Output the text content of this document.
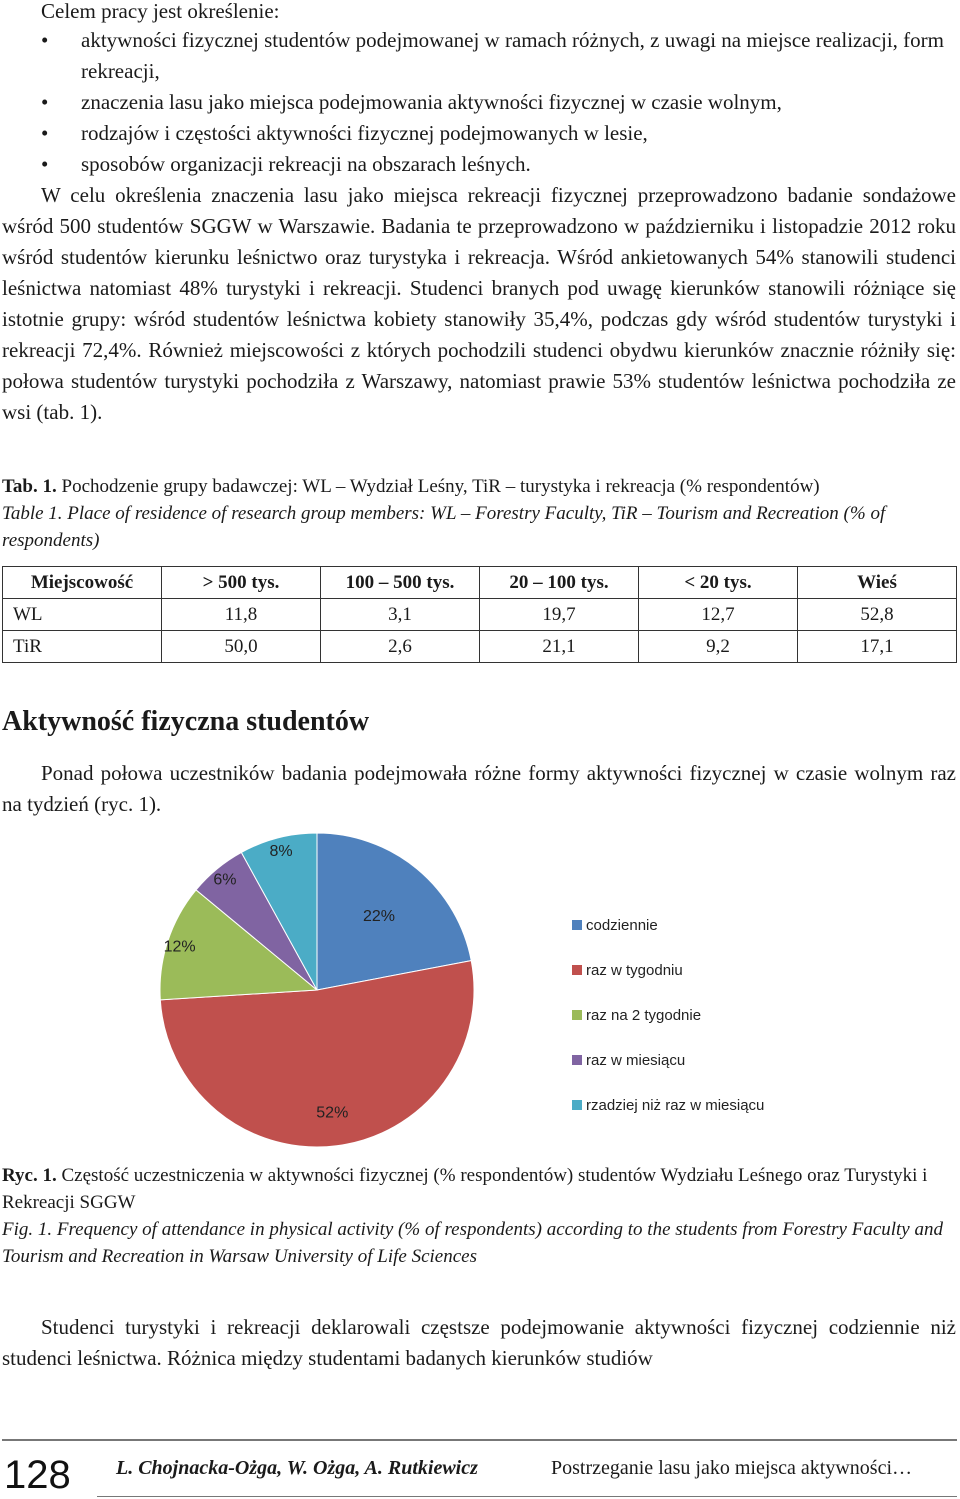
Celem pracy jest określenie:

• aktywności fizycznej studentów podejmowanej w ramach różnych, z uwagi na miejsce realizacji, form rekreacji,
• znaczenia lasu jako miejsca podejmowania aktywności fizycznej w czasie wolnym,
• rodzajów i częstości aktywności fizycznej podejmowanych w lesie,
• sposobów organizacji rekreacji na obszarach leśnych.

W celu określenia znaczenia lasu jako miejsca rekreacji fizycznej przeprowadzono badanie sondażowe wśród 500 studentów SGGW w Warszawie. Badania te przeprowadzono w październiku i listopadzie 2012 roku wśród studentów kierunku leśnictwo oraz turystyka i rekreacja. Wśród ankietowanych 54% stanowili studenci leśnictwa natomiast 48% turystyki i rekreacji. Studenci branych pod uwagę kierunków stanowili różniące się istotnie grupy: wśród studentów leśnictwa kobiety stanowiły 35,4%, podczas gdy wśród studentów turystyki i rekreacji 72,4%. Również miejscowości z których pochodzili studenci obydwu kierunków znacznie różniły się: połowa studentów turystyki pochodziła z Warszawy, natomiast prawie 53% studentów leśnictwa pochodziła ze wsi (tab. 1).

Tab. 1. Pochodzenie grupy badawczej: WL – Wydział Leśny, TiR – turystyka i rekreacja (% respondentów)
Table 1. Place of residence of research group members: WL – Forestry Faculty, TiR – Tourism and Recreation (% of respondents)
Miejscowość	> 500 tys.	100 – 500 tys.	20 – 100 tys.	< 20 tys.	Wieś
WL	11,8	3,1	19,7	12,7	52,8
TiR	50,0	2,6	21,1	9,2	17,1
Aktywność fizyczna studentów

Ponad połowa uczestników badania podejmowała różne formy aktywności fizycznej w czasie wolnym raz na tydzień (ryc. 1).

22%
52%
12%
6%
8%
codziennie
raz w tygodniu
raz na 2 tygodnie
raz w miesiącu
rzadziej niż raz w miesiącu
Ryc. 1. Częstość uczestniczenia w aktywności fizycznej (% respondentów) studentów Wydziału Leśnego oraz Turystyki i Rekreacji SGGW
Fig. 1. Frequency of attendance in physical activity (% of respondents) according to the students from Forestry Faculty and Tourism and Recreation in Warsaw University of Life Sciences

Studenci turystyki i rekreacji deklarowali częstsze podejmowanie aktywności fizycznej codziennie niż studenci leśnictwa. Różnica między studentami badanych kierunków studiów

128 L. Chojnacka-Ożga, W. Ożga, A. Rutkiewicz	Postrzeganie lasu jako miejsca aktywności…
